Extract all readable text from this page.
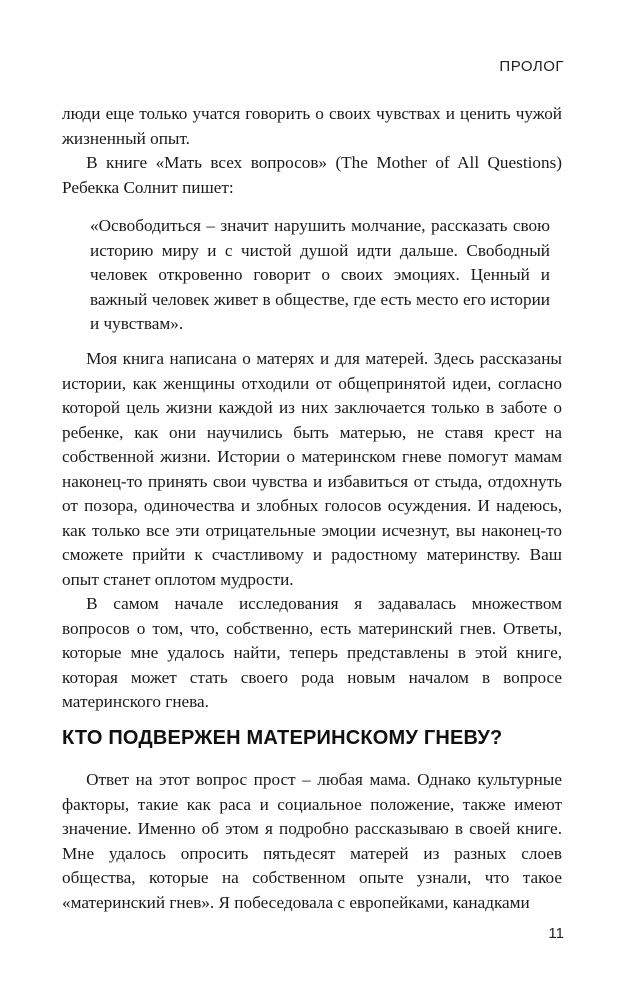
ПРОЛОГ

люди еще только учатся говорить о своих чувствах и ценить чужой жизненный опыт.

В книге «Мать всех вопросов» (The Mother of All Questions) Ребекка Солнит пишет:

«Освободиться – значит нарушить молчание, рассказать свою историю миру и с чистой душой идти дальше. Свободный человек откровенно говорит о своих эмоциях. Ценный и важный человек живет в обществе, где есть место его истории и чувствам».

Моя книга написана о матерях и для матерей. Здесь рассказаны истории, как женщины отходили от общепринятой идеи, согласно которой цель жизни каждой из них заключается только в заботе о ребенке, как они научились быть матерью, не ставя крест на собственной жизни. Истории о материнском гневе помогут мамам наконец-то принять свои чувства и избавиться от стыда, отдохнуть от позора, одиночества и злобных голосов осуждения. И надеюсь, как только все эти отрицательные эмоции исчезнут, вы наконец-то сможете прийти к счастливому и радостному материнству. Ваш опыт станет оплотом мудрости.

В самом начале исследования я задавалась множеством вопросов о том, что, собственно, есть материнский гнев. Ответы, которые мне удалось найти, теперь представлены в этой книге, которая может стать своего рода новым началом в вопросе материнского гнева.

КТО ПОДВЕРЖЕН МАТЕРИНСКОМУ ГНЕВУ?

Ответ на этот вопрос прост – любая мама. Однако культурные факторы, такие как раса и социальное положение, также имеют значение. Именно об этом я подробно рассказываю в своей книге. Мне удалось опросить пятьдесят матерей из разных слоев общества, которые на собственном опыте узнали, что такое «материнский гнев». Я побеседовала с европейками, канадками

11
